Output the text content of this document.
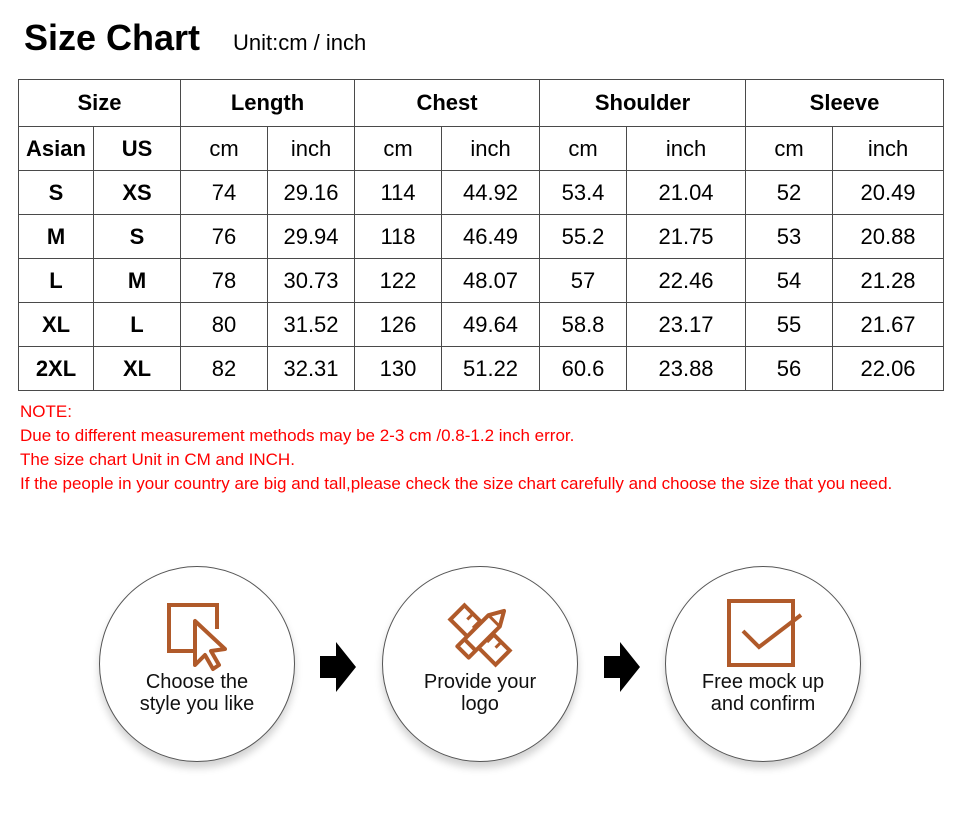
Size Chart Unit:cm / inch
Size		Length		Chest		Shoulder		Sleeve	
Asian	US	cm	inch	cm	inch	cm	inch	cm	inch
S	XS	74	29.16	114	44.92	53.4	21.04	52	20.49
M	S	76	29.94	118	46.49	55.2	21.75	53	20.88
L	M	78	30.73	122	48.07	57	22.46	54	21.28
XL	L	80	31.52	126	49.64	58.8	23.17	55	21.67
2XL	XL	82	32.31	130	51.22	60.6	23.88	56	22.06
NOTE:
Due to different measurement methods may be 2-3 cm /0.8-1.2 inch error.
The size chart Unit in CM and INCH.
If the people in your country are big and tall,please check the size chart carefully and choose the size that you need.
Choose the
style you like
Provide your
logo
Free mock up
and confirm
